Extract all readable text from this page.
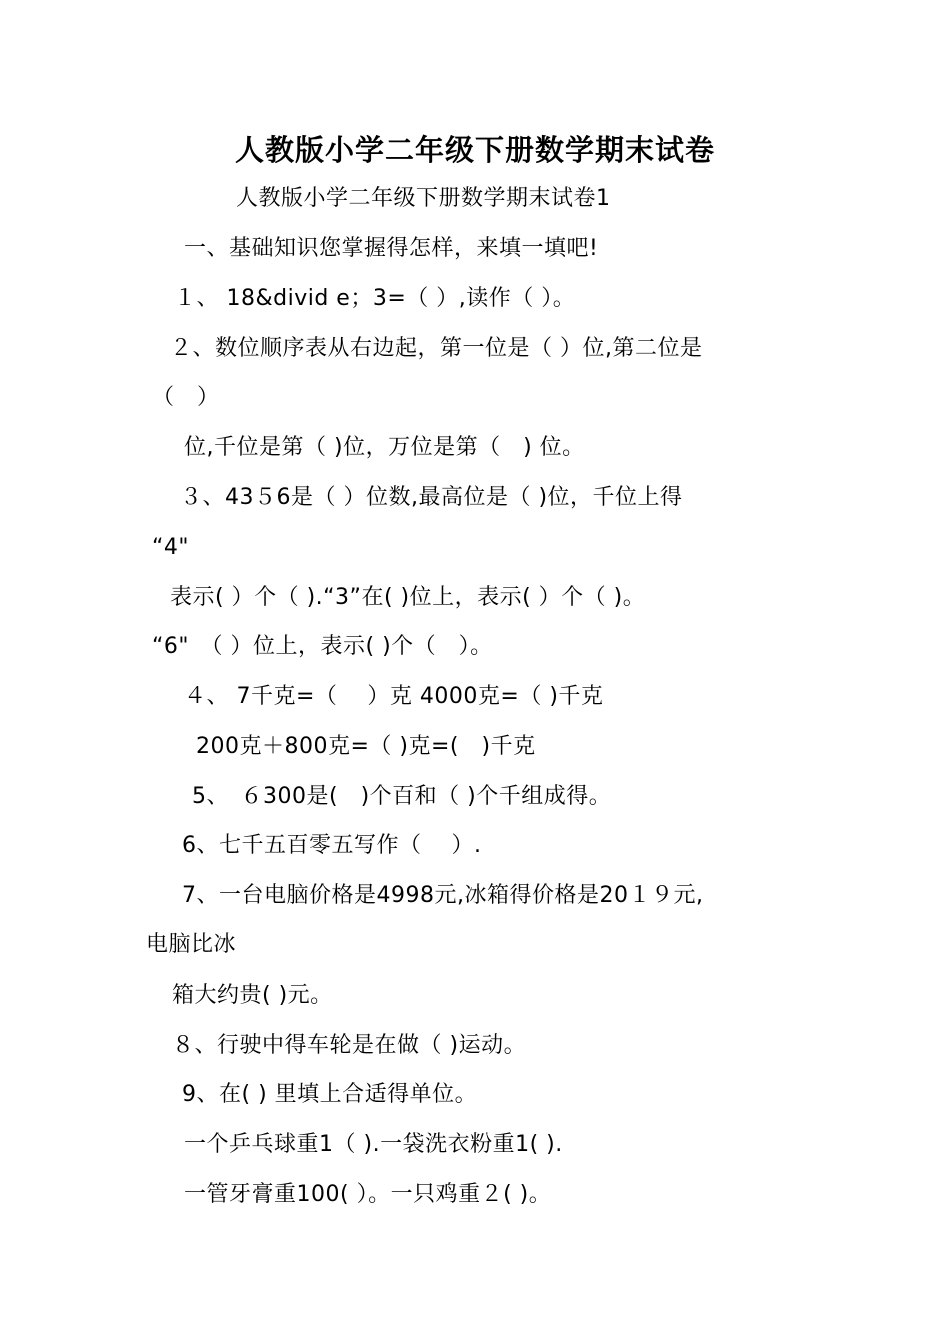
人教版小学二年级下册数学期末试卷
人教版小学二年级下册数学期末试卷1
一、基础知识您掌握得怎样，来填一填吧!
１、 18&divid e；3=（ ）,读作（ ）。
２、数位顺序表从右边起，第一位是（ ）位,第二位是
（　）
位,千位是第（ )位，万位是第（　) 位。
３、43５6是（ ）位数,最高位是（ )位，千位上得
“4"
表示( ）个（ ).“3”在( )位上，表示( ）个（ )。
“6"　（ ）位上，表示( )个（　）。
４、 7千克=（　 ）克 4000克=（ )千克
200克＋800克=（ )克=(　)千克
5、　６300是(　)个百和（ )个千组成得。
6、七千五百零五写作（　 ）.
7、一台电脑价格是4998元,冰箱得价格是20１９元,
电脑比冰
箱大约贵( )元。
８、行驶中得车轮是在做（ )运动。
9、在( ) 里填上合适得单位。
一个乒乓球重1（ ).一袋洗衣粉重1( ).
一管牙膏重100( ）。一只鸡重２( )。
